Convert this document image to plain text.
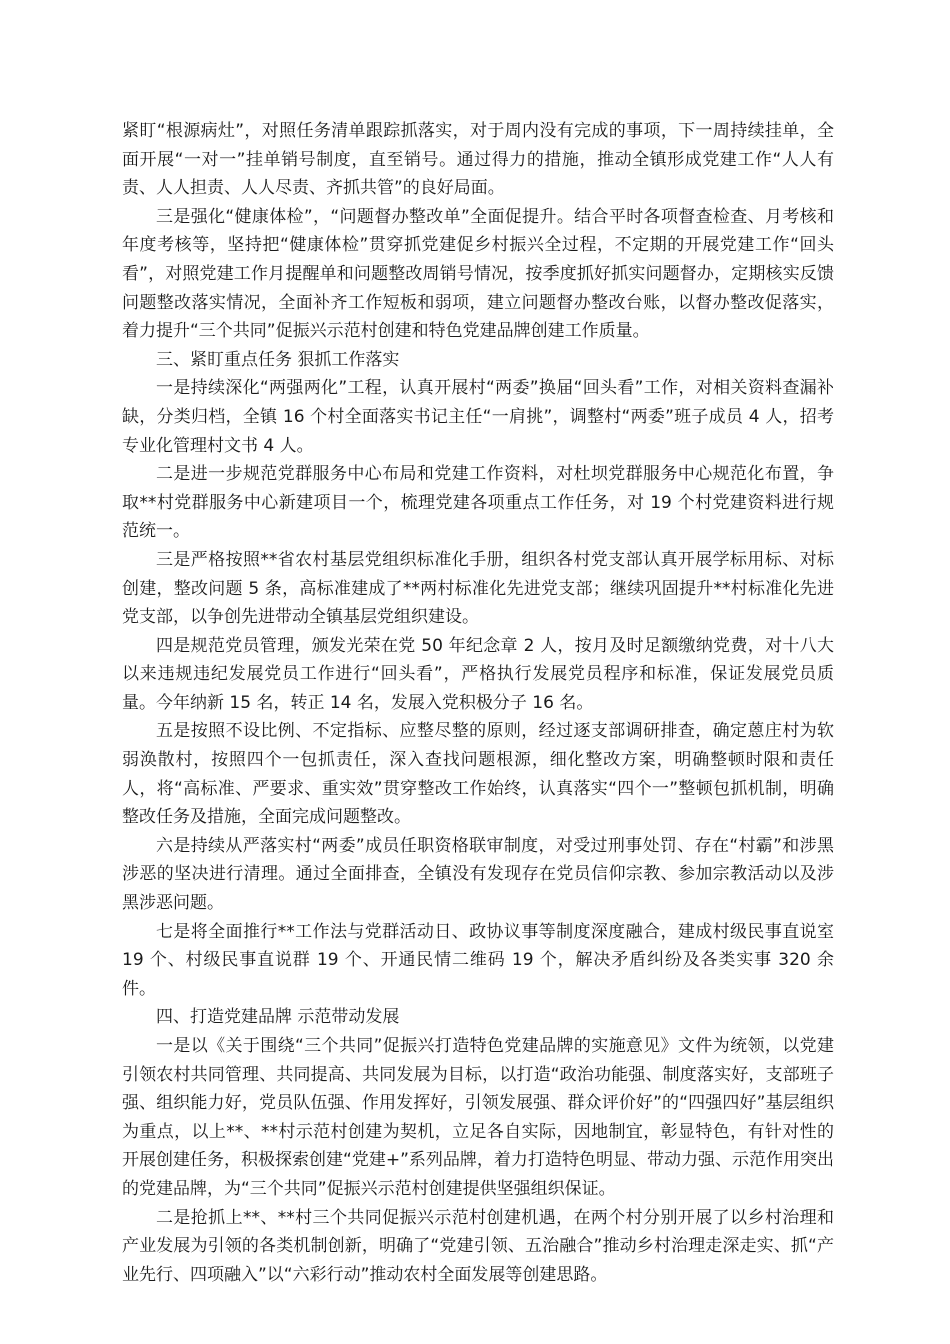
紧盯“根源病灶”，对照任务清单跟踪抓落实，对于周内没有完成的事项，下一周持续挂单，全面开展“一对一”挂单销号制度，直至销号。通过得力的措施，推动全镇形成党建工作“人人有责、人人担责、人人尽责、齐抓共管”的良好局面。

三是强化“健康体检”，“问题督办整改单”全面促提升。结合平时各项督查检查、月考核和年度考核等，坚持把“健康体检”贯穿抓党建促乡村振兴全过程，不定期的开展党建工作“回头看”，对照党建工作月提醒单和问题整改周销号情况，按季度抓好抓实问题督办，定期核实反馈问题整改落实情况，全面补齐工作短板和弱项，建立问题督办整改台账，以督办整改促落实，着力提升“三个共同”促振兴示范村创建和特色党建品牌创建工作质量。

三、紧盯重点任务 狠抓工作落实

一是持续深化“两强两化”工程，认真开展村“两委”换届“回头看”工作，对相关资料查漏补缺，分类归档，全镇 16 个村全面落实书记主任“一肩挑”，调整村“两委”班子成员 4 人，招考专业化管理村文书 4 人。

二是进一步规范党群服务中心布局和党建工作资料，对杜坝党群服务中心规范化布置，争取**村党群服务中心新建项目一个，梳理党建各项重点工作任务，对 19 个村党建资料进行规范统一。

三是严格按照**省农村基层党组织标准化手册，组织各村党支部认真开展学标用标、对标创建，整改问题 5 条，高标准建成了**两村标准化先进党支部；继续巩固提升**村标准化先进党支部，以争创先进带动全镇基层党组织建设。

四是规范党员管理，颁发光荣在党 50 年纪念章 2 人，按月及时足额缴纳党费，对十八大以来违规违纪发展党员工作进行“回头看”，严格执行发展党员程序和标准，保证发展党员质量。今年纳新 15 名，转正 14 名，发展入党积极分子 16 名。

五是按照不设比例、不定指标、应整尽整的原则，经过逐支部调研排查，确定蒽庄村为软弱涣散村，按照四个一包抓责任，深入查找问题根源，细化整改方案，明确整顿时限和责任人，将“高标准、严要求、重实效”贯穿整改工作始终，认真落实“四个一”整顿包抓机制，明确整改任务及措施，全面完成问题整改。

六是持续从严落实村“两委”成员任职资格联审制度，对受过刑事处罚、存在“村霸”和涉黑涉恶的坚决进行清理。通过全面排查，全镇没有发现存在党员信仰宗教、参加宗教活动以及涉黑涉恶问题。

七是将全面推行**工作法与党群活动日、政协议事等制度深度融合，建成村级民事直说室 19 个、村级民事直说群 19 个、开通民情二维码 19 个，解决矛盾纠纷及各类实事 320 余件。

四、打造党建品牌 示范带动发展

一是以《关于围绕“三个共同”促振兴打造特色党建品牌的实施意见》文件为统领，以党建引领农村共同管理、共同提高、共同发展为目标，以打造“政治功能强、制度落实好，支部班子强、组织能力好，党员队伍强、作用发挥好，引领发展强、群众评价好”的“四强四好”基层组织为重点，以上**、**村示范村创建为契机，立足各自实际，因地制宜，彰显特色，有针对性的开展创建任务，积极探索创建“党建+”系列品牌，着力打造特色明显、带动力强、示范作用突出的党建品牌，为“三个共同”促振兴示范村创建提供坚强组织保证。

二是抢抓上**、**村三个共同促振兴示范村创建机遇，在两个村分别开展了以乡村治理和产业发展为引领的各类机制创新，明确了“党建引领、五治融合”推动乡村治理走深走实、抓“产业先行、四项融入”以“六彩行动”推动农村全面发展等创建思路。
